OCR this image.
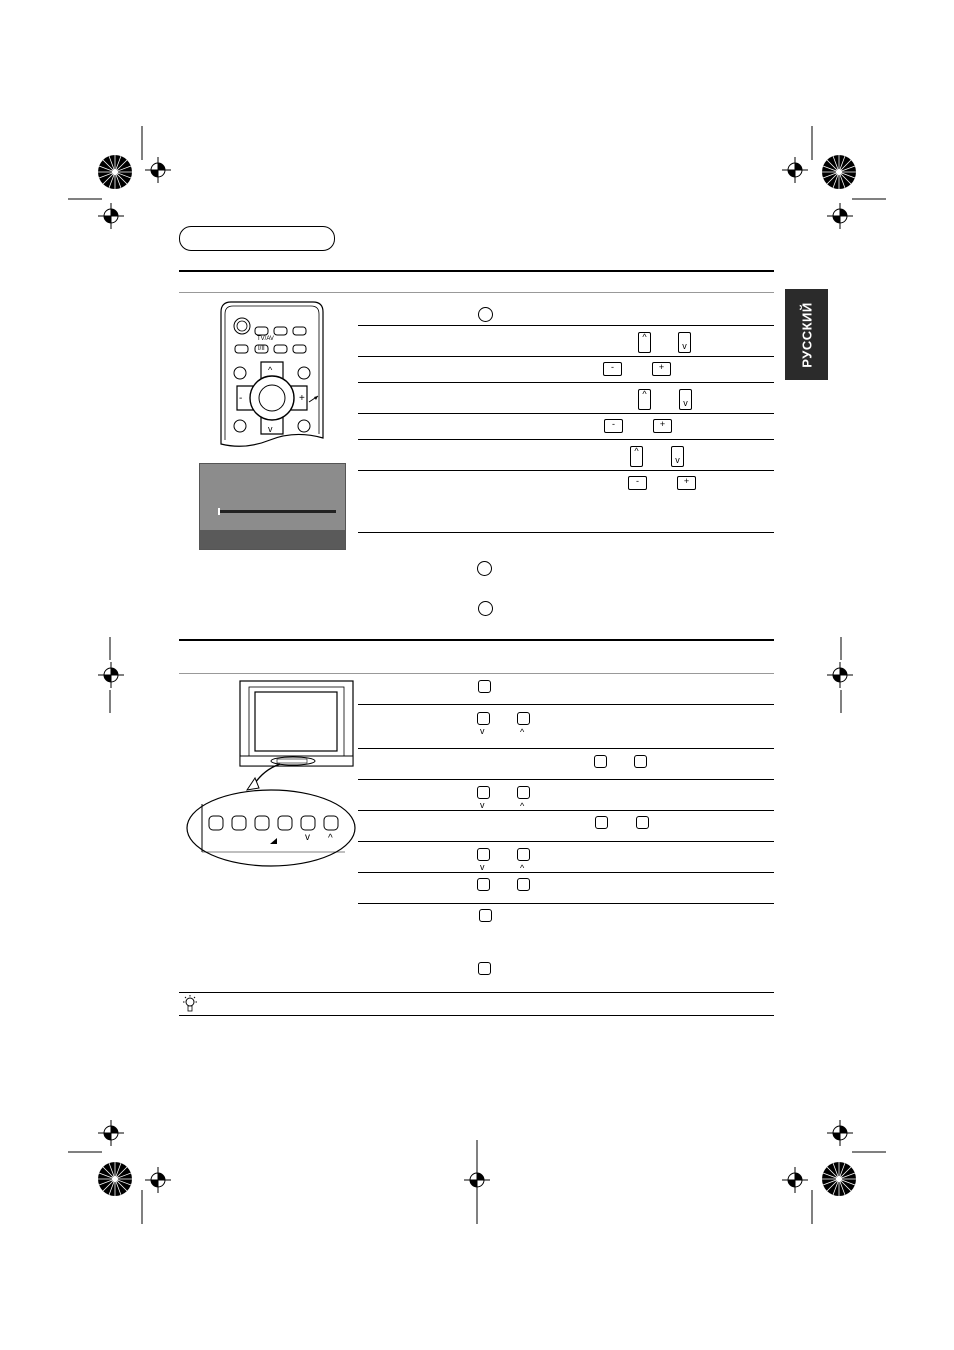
РУССКИЙ
TV/AV
I/II
^
v
-	+
^
v
-	+
^
v
-	+
^
v
-	+
v ^
v	^
v	^
v	^
